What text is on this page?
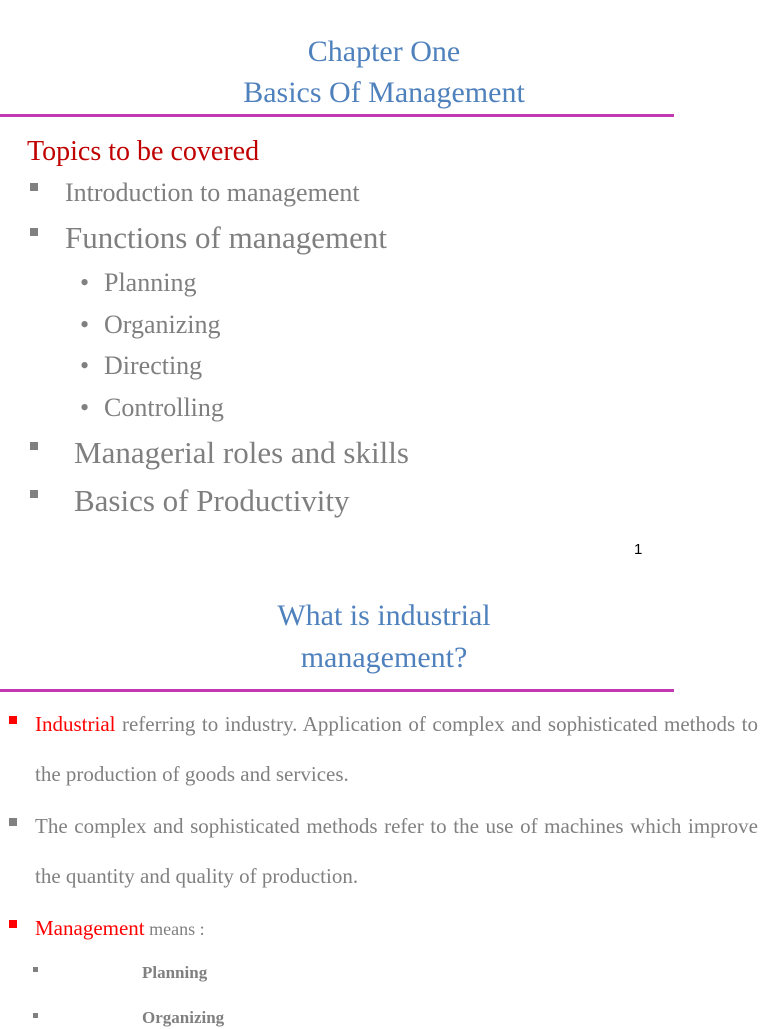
Chapter One
Basics Of Management
Topics to be covered
Introduction to management
Functions of management
• Planning
• Organizing
• Directing
• Controlling
Managerial roles and skills
Basics of Productivity
1
What is industrial
management?
Industrial referring to industry. Application of complex and sophisticated methods to the production of goods and services.
The complex and sophisticated methods refer to the use of machines which improve the quantity and quality of production.
Management means :
Planning
Organizing
